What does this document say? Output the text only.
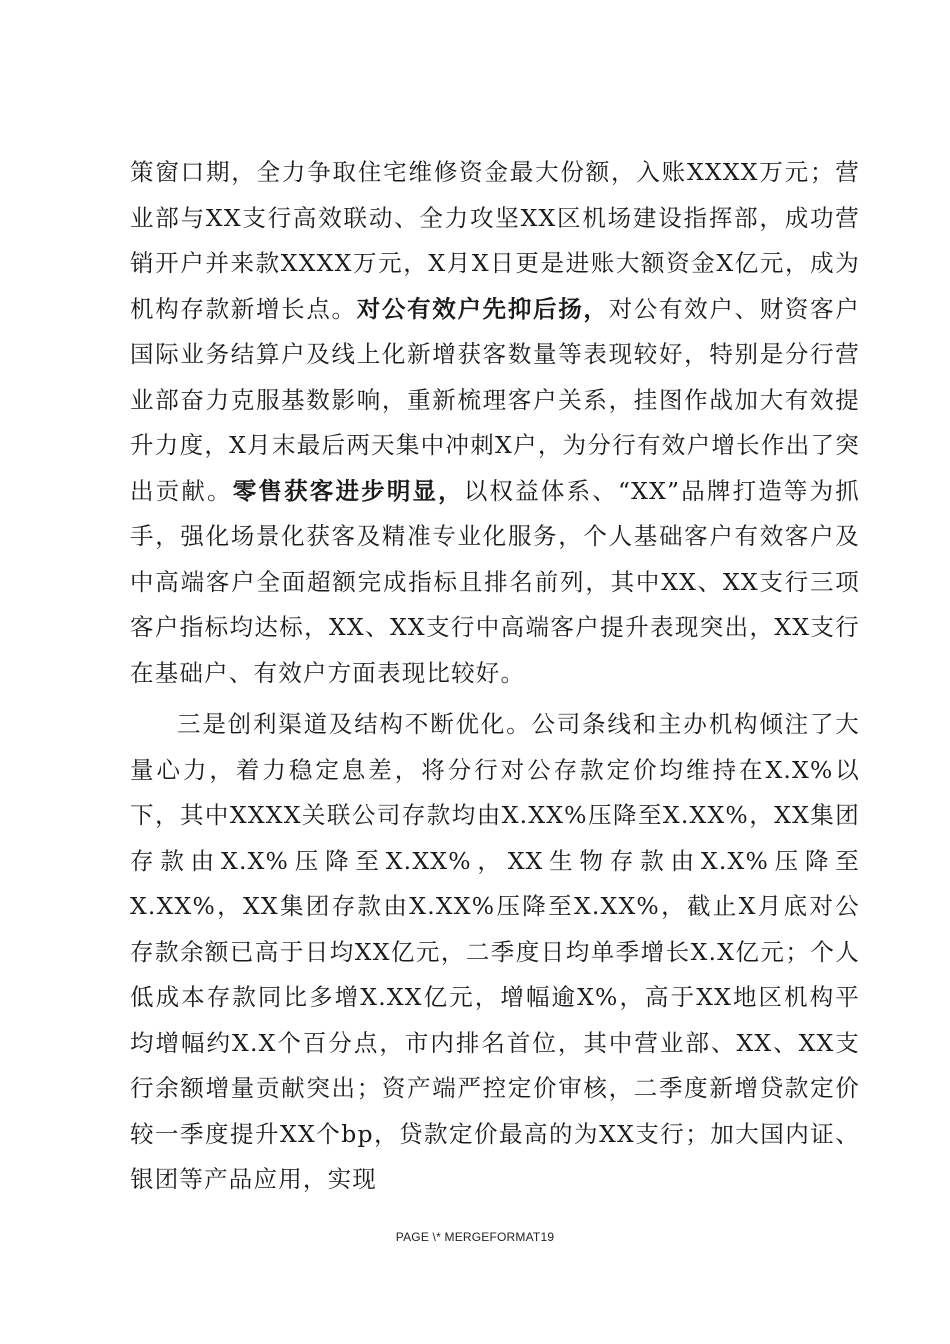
策窗口期，全力争取住宅维修资金最大份额，入账XXXX万元；营业部与XX支行高效联动、全力攻坚XX区机场建设指挥部，成功营销开户并来款XXXX万元，X月X日更是进账大额资金X亿元，成为机构存款新增长点。对公有效户先抑后扬，对公有效户、财资客户国际业务结算户及线上化新增获客数量等表现较好，特别是分行营业部奋力克服基数影响，重新梳理客户关系，挂图作战加大有效提升力度，X月末最后两天集中冲刺X户，为分行有效户增长作出了突出贡献。零售获客进步明显，以权益体系、“XX”品牌打造等为抓手，强化场景化获客及精准专业化服务，个人基础客户有效客户及中高端客户全面超额完成指标且排名前列，其中XX、XX支行三项客户指标均达标，XX、XX支行中高端客户提升表现突出，XX支行在基础户、有效户方面表现比较好。

三是创利渠道及结构不断优化。公司条线和主办机构倾注了大量心力，着力稳定息差，将分行对公存款定价均维持在X.X%以下，其中XXXX关联公司存款均由X.XX%压降至X.XX%，XX集团存款由X.X%压降至X.XX%，XX生物存款由X.X%压降至X.XX%，XX集团存款由X.XX%压降至X.XX%，截止X月底对公存款余额已高于日均XX亿元，二季度日均单季增长X.X亿元；个人低成本存款同比多增X.XX亿元，增幅逾X%，高于XX地区机构平均增幅约X.X个百分点，市内排名首位，其中营业部、XX、XX支行余额增量贡献突出；资产端严控定价审核，二季度新增贷款定价较一季度提升XX个bp，贷款定价最高的为XX支行；加大国内证、银团等产品应用，实现

PAGE \* MERGEFORMAT19
